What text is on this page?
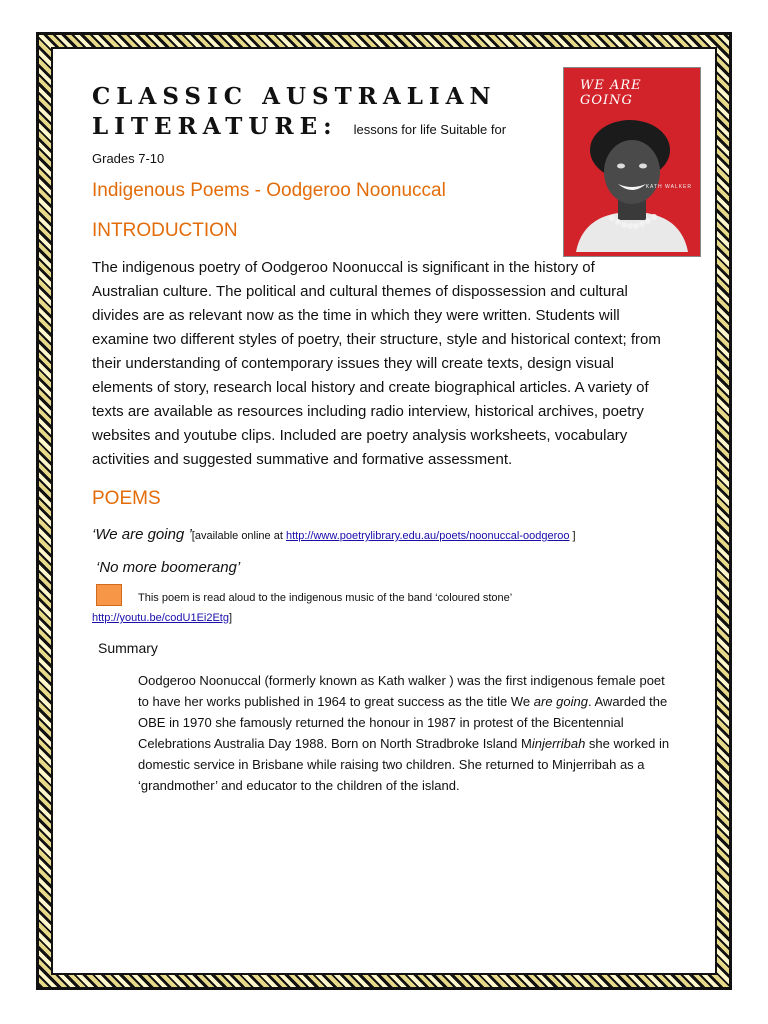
WE ARE
GOING
KATH WALKER
CLASSIC AUSTRALIAN LITERATURE: lessons for life Suitable for
Grades 7-10
Indigenous Poems - Oodgeroo Noonuccal
INTRODUCTION

The indigenous poetry of Oodgeroo Noonuccal is significant in the history of Australian culture. The political and cultural themes of dispossession and cultural divides are as relevant now as the time in which they were written. Students will examine two different styles of poetry, their structure, style and historical context; from their understanding of contemporary issues they will create texts, design visual elements of story, research local history and create biographical articles. A variety of texts are available as resources including radio interview, historical archives, poetry websites and youtube clips. Included are poetry analysis worksheets, vocabulary activities and suggested summative and formative assessment.

POEMS
‘We are going ’[available online at http://www.poetrylibrary.edu.au/poets/noonuccal-oodgeroo ]
‘No more boomerang’
This poem is read aloud to the indigenous music of the band ‘coloured stone’
http://youtu.be/codU1Ei2Etg]
Summary

Oodgeroo Noonuccal (formerly known as Kath walker ) was the first indigenous female poet to have her works published in 1964 to great success as the title We are going. Awarded the OBE in 1970 she famously returned the honour in 1987 in protest of the Bicentennial Celebrations Australia Day 1988. Born on North Stradbroke Island Minjerribah she worked in domestic service in Brisbane while raising two children. She returned to Minjerribah as a ‘grandmother’ and educator to the children of the island.
